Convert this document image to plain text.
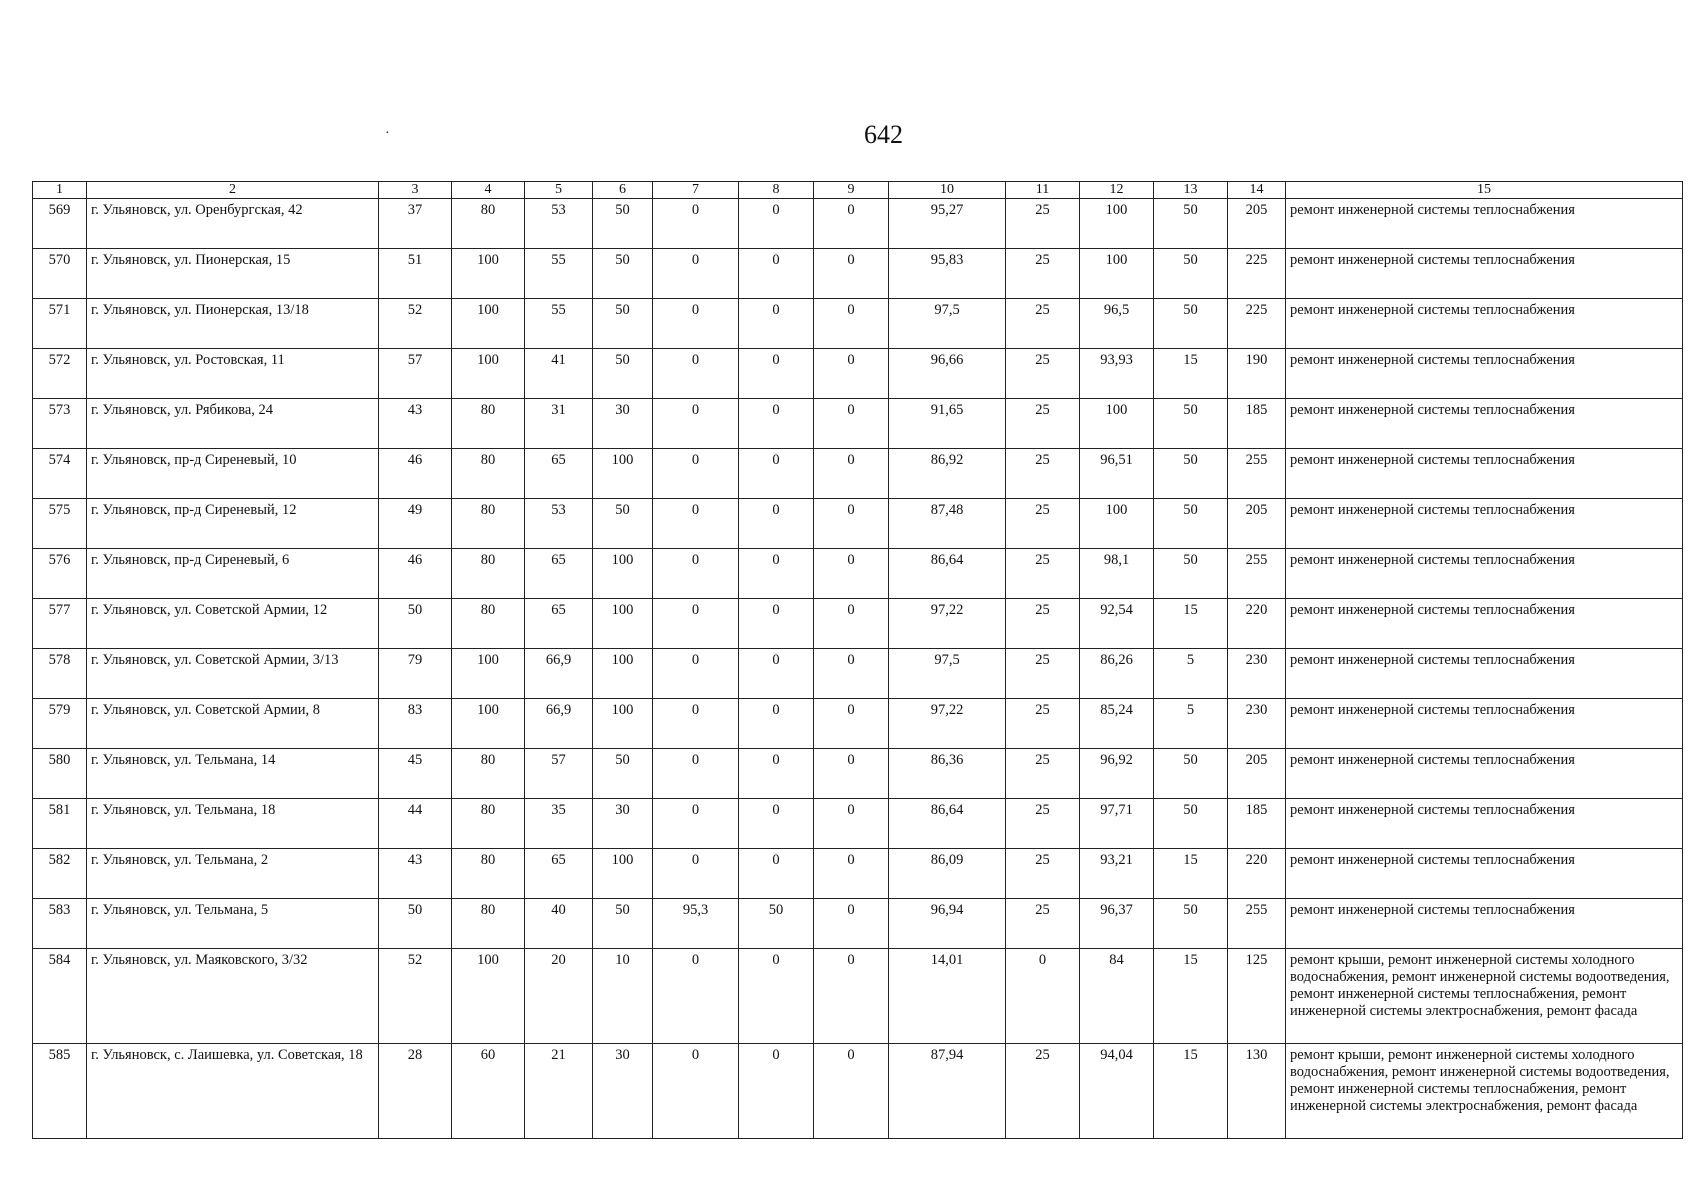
·	642
1	2	3	4	5	6	7	8	9	10	11	12	13	14	15
569	г. Ульяновск, ул. Оренбургская, 42	37	80	53	50	0	0	0	95,27	25	100	50	205	ремонт инженерной системы теплоснабжения
570	г. Ульяновск, ул. Пионерская, 15	51	100	55	50	0	0	0	95,83	25	100	50	225	ремонт инженерной системы теплоснабжения
571	г. Ульяновск, ул. Пионерская, 13/18	52	100	55	50	0	0	0	97,5	25	96,5	50	225	ремонт инженерной системы теплоснабжения
572	г. Ульяновск, ул. Ростовская, 11	57	100	41	50	0	0	0	96,66	25	93,93	15	190	ремонт инженерной системы теплоснабжения
573	г. Ульяновск, ул. Рябикова, 24	43	80	31	30	0	0	0	91,65	25	100	50	185	ремонт инженерной системы теплоснабжения
574	г. Ульяновск, пр-д Сиреневый, 10	46	80	65	100	0	0	0	86,92	25	96,51	50	255	ремонт инженерной системы теплоснабжения
575	г. Ульяновск, пр-д Сиреневый, 12	49	80	53	50	0	0	0	87,48	25	100	50	205	ремонт инженерной системы теплоснабжения
576	г. Ульяновск, пр-д Сиреневый, 6	46	80	65	100	0	0	0	86,64	25	98,1	50	255	ремонт инженерной системы теплоснабжения
577	г. Ульяновск, ул. Советской Армии, 12	50	80	65	100	0	0	0	97,22	25	92,54	15	220	ремонт инженерной системы теплоснабжения
578	г. Ульяновск, ул. Советской Армии, 3/13	79	100	66,9	100	0	0	0	97,5	25	86,26	5	230	ремонт инженерной системы теплоснабжения
579	г. Ульяновск, ул. Советской Армии, 8	83	100	66,9	100	0	0	0	97,22	25	85,24	5	230	ремонт инженерной системы теплоснабжения
580	г. Ульяновск, ул. Тельмана, 14	45	80	57	50	0	0	0	86,36	25	96,92	50	205	ремонт инженерной системы теплоснабжения
581	г. Ульяновск, ул. Тельмана, 18	44	80	35	30	0	0	0	86,64	25	97,71	50	185	ремонт инженерной системы теплоснабжения
582	г. Ульяновск, ул. Тельмана, 2	43	80	65	100	0	0	0	86,09	25	93,21	15	220	ремонт инженерной системы теплоснабжения
583	г. Ульяновск, ул. Тельмана, 5	50	80	40	50	95,3	50	0	96,94	25	96,37	50	255	ремонт инженерной системы теплоснабжения
584	г. Ульяновск, ул. Маяковского, 3/32	52	100	20	10	0	0	0	14,01	0	84	15	125	ремонт крыши, ремонт инженерной системы холодного водоснабжения, ремонт инженерной системы водоотведения, ремонт инженерной системы теплоснабжения, ремонт инженерной системы электроснабжения, ремонт фасада
585	г. Ульяновск, с. Лаишевка, ул. Советская, 18	28	60	21	30	0	0	0	87,94	25	94,04	15	130	ремонт крыши, ремонт инженерной системы холодного водоснабжения, ремонт инженерной системы водоотведения, ремонт инженерной системы теплоснабжения, ремонт инженерной системы электроснабжения, ремонт фасада
